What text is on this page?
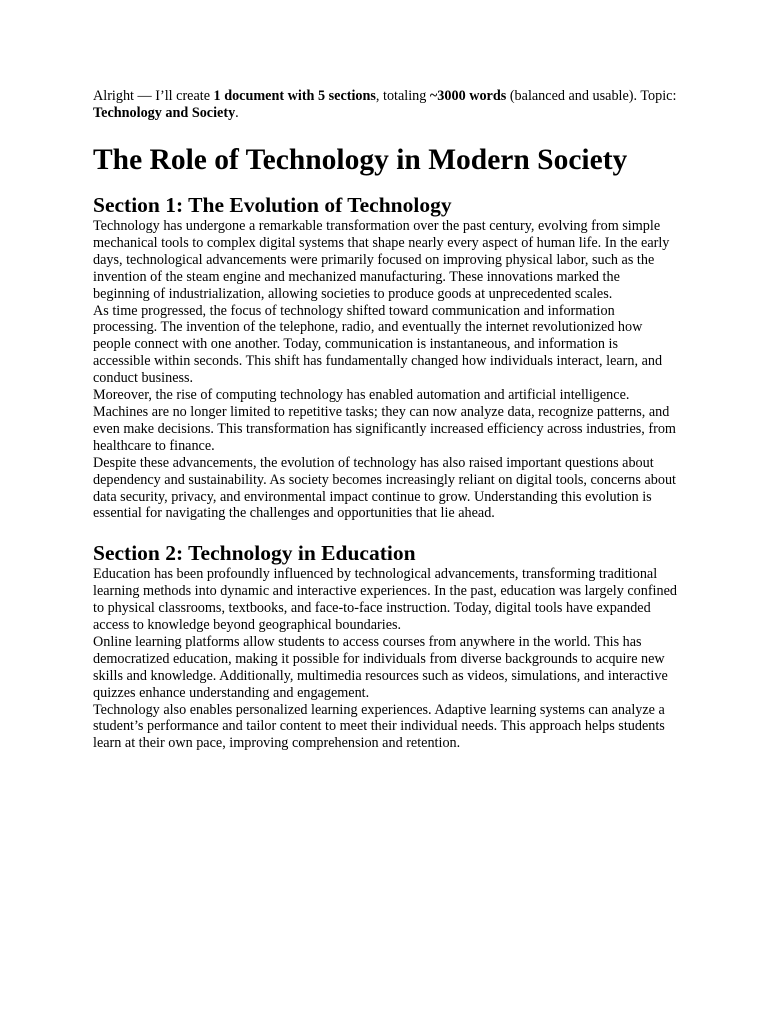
Alright — I’ll create 1 document with 5 sections, totaling ~3000 words (balanced and usable). Topic: Technology and Society.

The Role of Technology in Modern Society
Section 1: The Evolution of Technology

Technology has undergone a remarkable transformation over the past century, evolving from simple mechanical tools to complex digital systems that shape nearly every aspect of human life. In the early days, technological advancements were primarily focused on improving physical labor, such as the invention of the steam engine and mechanized manufacturing. These innovations marked the beginning of industrialization, allowing societies to produce goods at unprecedented scales.

As time progressed, the focus of technology shifted toward communication and information processing. The invention of the telephone, radio, and eventually the internet revolutionized how people connect with one another. Today, communication is instantaneous, and information is accessible within seconds. This shift has fundamentally changed how individuals interact, learn, and conduct business.

Moreover, the rise of computing technology has enabled automation and artificial intelligence. Machines are no longer limited to repetitive tasks; they can now analyze data, recognize patterns, and even make decisions. This transformation has significantly increased efficiency across industries, from healthcare to finance.

Despite these advancements, the evolution of technology has also raised important questions about dependency and sustainability. As society becomes increasingly reliant on digital tools, concerns about data security, privacy, and environmental impact continue to grow. Understanding this evolution is essential for navigating the challenges and opportunities that lie ahead.

Section 2: Technology in Education

Education has been profoundly influenced by technological advancements, transforming traditional learning methods into dynamic and interactive experiences. In the past, education was largely confined to physical classrooms, textbooks, and face-to-face instruction. Today, digital tools have expanded access to knowledge beyond geographical boundaries.

Online learning platforms allow students to access courses from anywhere in the world. This has democratized education, making it possible for individuals from diverse backgrounds to acquire new skills and knowledge. Additionally, multimedia resources such as videos, simulations, and interactive quizzes enhance understanding and engagement.

Technology also enables personalized learning experiences. Adaptive learning systems can analyze a student’s performance and tailor content to meet their individual needs. This approach helps students learn at their own pace, improving comprehension and retention.
